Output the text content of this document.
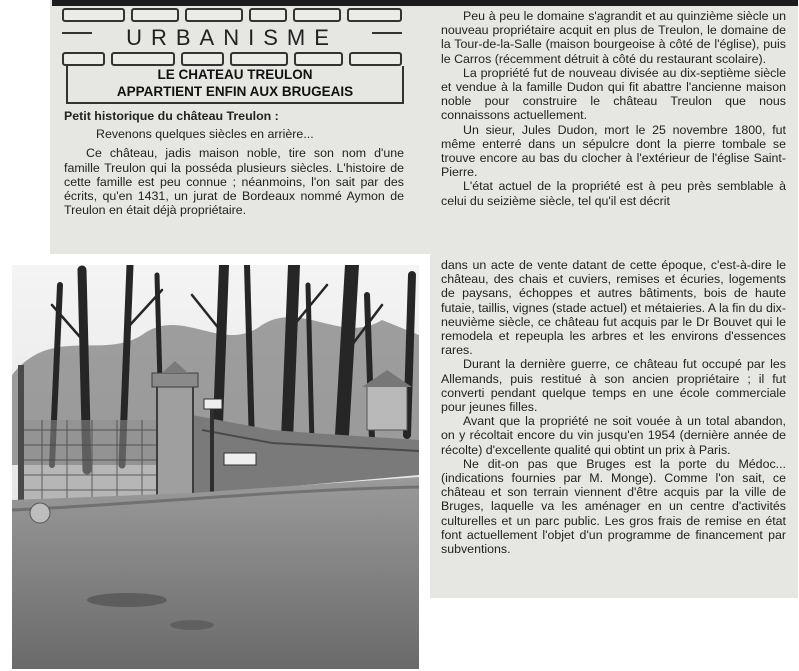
URBANISME
LE CHATEAU TREULON
APPARTIENT ENFIN AUX BRUGEAIS

Petit historique du château Treulon :

Revenons quelques siècles en arrière...

Ce château, jadis maison noble, tire son nom d'une famille Treulon qui la posséda plusieurs siècles. L'histoire de cette famille est peu connue ; néanmoins, l'on sait par des écrits, qu'en 1431, un jurat de Bordeaux nommé Aymon de Treulon en était déjà propriétaire.

Peu à peu le domaine s'agrandit et au quinzième siècle un nouveau propriétaire acquit en plus de Treulon, le domaine de la Tour-de-la-Salle (maison bourgeoise à côté de l'église), puis le Carros (récemment détruit à côté du restaurant scolaire).

La propriété fut de nouveau divisée au dix-septième siècle et vendue à la famille Dudon qui fit abattre l'ancienne maison noble pour construire le château Treulon que nous connaissons actuellement.

Un sieur, Jules Dudon, mort le 25 novembre 1800, fut même enterré dans un sépulcre dont la pierre tombale se trouve encore au bas du clocher à l'extérieur de l'église Saint-Pierre.

L'état actuel de la propriété est à peu près semblable à celui du seizième siècle, tel qu'il est décrit

dans un acte de vente datant de cette époque, c'est-à-dire le château, des chais et cuviers, remises et écuries, logements de paysans, échoppes et autres bâtiments, bois de haute futaie, taillis, vignes (stade actuel) et métaieries. A la fin du dix-neuvième siècle, ce château fut acquis par le Dr Bouvet qui le remodela et repeupla les arbres et les environs d'essences rares.

Durant la dernière guerre, ce château fut occupé par les Allemands, puis restitué à son ancien propriétaire ; il fut converti pendant quelque temps en une école commerciale pour jeunes filles.

Avant que la propriété ne soit vouée à un total abandon, on y récoltait encore du vin jusqu'en 1954 (dernière année de récolte) d'excellente qualité qui obtint un prix à Paris.

Ne dit-on pas que Bruges est la porte du Médoc... (indications fournies par M. Monge). Comme l'on sait, ce château et son terrain viennent d'être acquis par la ville de Bruges, laquelle va les aménager en un centre d'activités culturelles et un parc public. Les gros frais de remise en état font actuellement l'objet d'un programme de financement par subventions.
